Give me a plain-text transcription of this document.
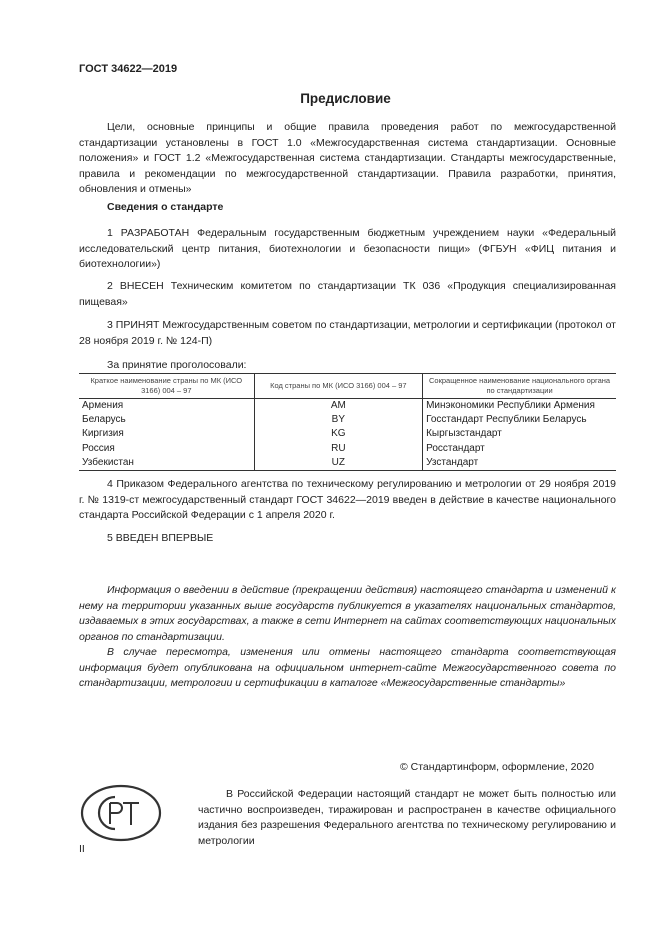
ГОСТ 34622—2019
Предисловие
Цели, основные принципы и общие правила проведения работ по межгосударственной стандартизации установлены в ГОСТ 1.0 «Межгосударственная система стандартизации. Основные положения» и ГОСТ 1.2 «Межгосударственная система стандартизации. Стандарты межгосударственные, правила и рекомендации по межгосударственной стандартизации. Правила разработки, принятия, обновления и отмены»
Сведения о стандарте
1 РАЗРАБОТАН Федеральным государственным бюджетным учреждением науки «Федеральный исследовательский центр питания, биотехнологии и безопасности пищи» (ФГБУН «ФИЦ питания и биотехнологии»)
2 ВНЕСЕН Техническим комитетом по стандартизации ТК 036 «Продукция специализированная пищевая»
3 ПРИНЯТ Межгосударственным советом по стандартизации, метрологии и сертификации (протокол от 28 ноября 2019 г. № 124-П)
За принятие проголосовали:
Краткое наименование страны по МК (ИСО 3166) 004 – 97	Код страны по МК (ИСО 3166) 004 – 97	Сокращенное наименование национального органа по стандартизации
Армения	AM	Минэкономики Республики Армения
Беларусь	BY	Госстандарт Республики Беларусь
Киргизия	KG	Кыргызстандарт
Россия	RU	Росстандарт
Узбекистан	UZ	Узстандарт
4 Приказом Федерального агентства по техническому регулированию и метрологии от 29 ноября 2019 г. № 1319-ст межгосударственный стандарт ГОСТ 34622—2019 введен в действие в качестве национального стандарта Российской Федерации с 1 апреля 2020 г.
5 ВВЕДЕН ВПЕРВЫЕ
Информация о введении в действие (прекращении действия) настоящего стандарта и изменений к нему на территории указанных выше государств публикуется в указателях национальных стандартов, издаваемых в этих государствах, а также в сети Интернет на сайтах соответствующих национальных органов по стандартизации.
В случае пересмотра, изменения или отмены настоящего стандарта соответствующая информация будет опубликована на официальном интернет-сайте Межгосударственного совета по стандартизации, метрологии и сертификации в каталоге «Межгосударственные стандарты»
© Стандартинформ, оформление, 2020
В Российской Федерации настоящий стандарт не может быть полностью или частично воспроизведен, тиражирован и распространен в качестве официального издания без разрешения Федерального агентства по техническому регулированию и метрологии
II
